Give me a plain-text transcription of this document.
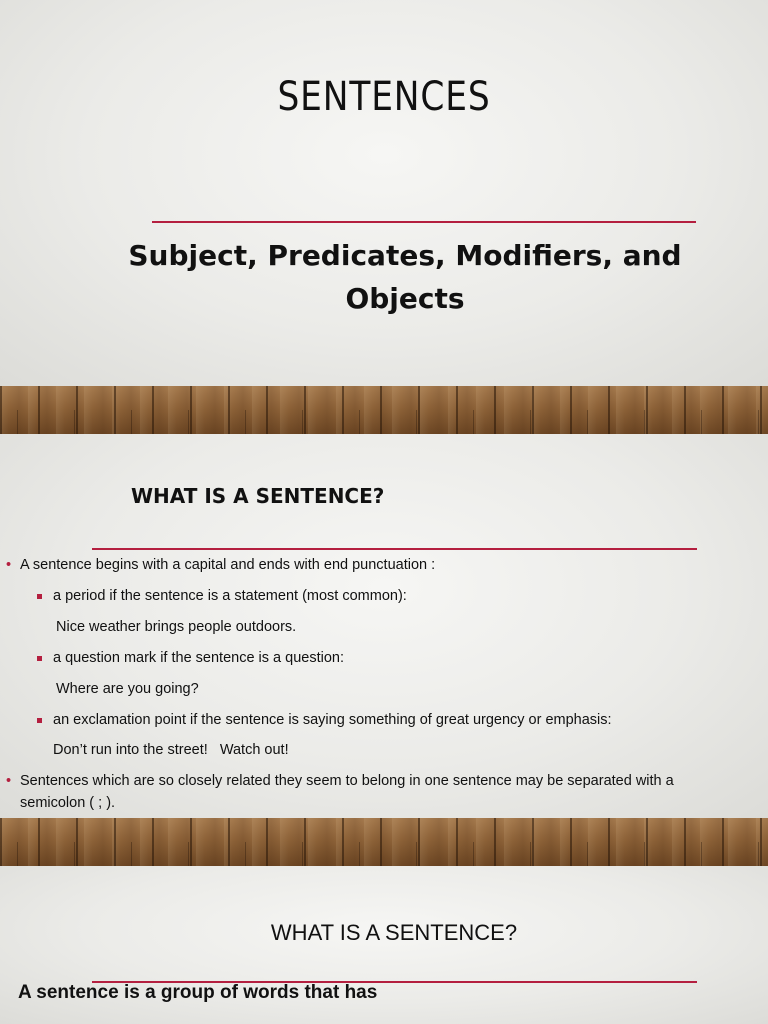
SENTENCES
Subject, Predicates, Modifiers, and Objects
WHAT IS A SENTENCE?
• A sentence begins with a capital and ends with end punctuation :
a period if the sentence is a statement (most common):
Nice weather brings people outdoors.
a question mark if the sentence is a question:
Where are you going?
an exclamation point if the sentence is saying something of great urgency or emphasis:
Don’t run into the street!   Watch out!
• Sentences which are so closely related they seem to belong in one sentence may be separated with a
semicolon ( ; ).
WHAT IS A SENTENCE?
A sentence is a group of words that has
